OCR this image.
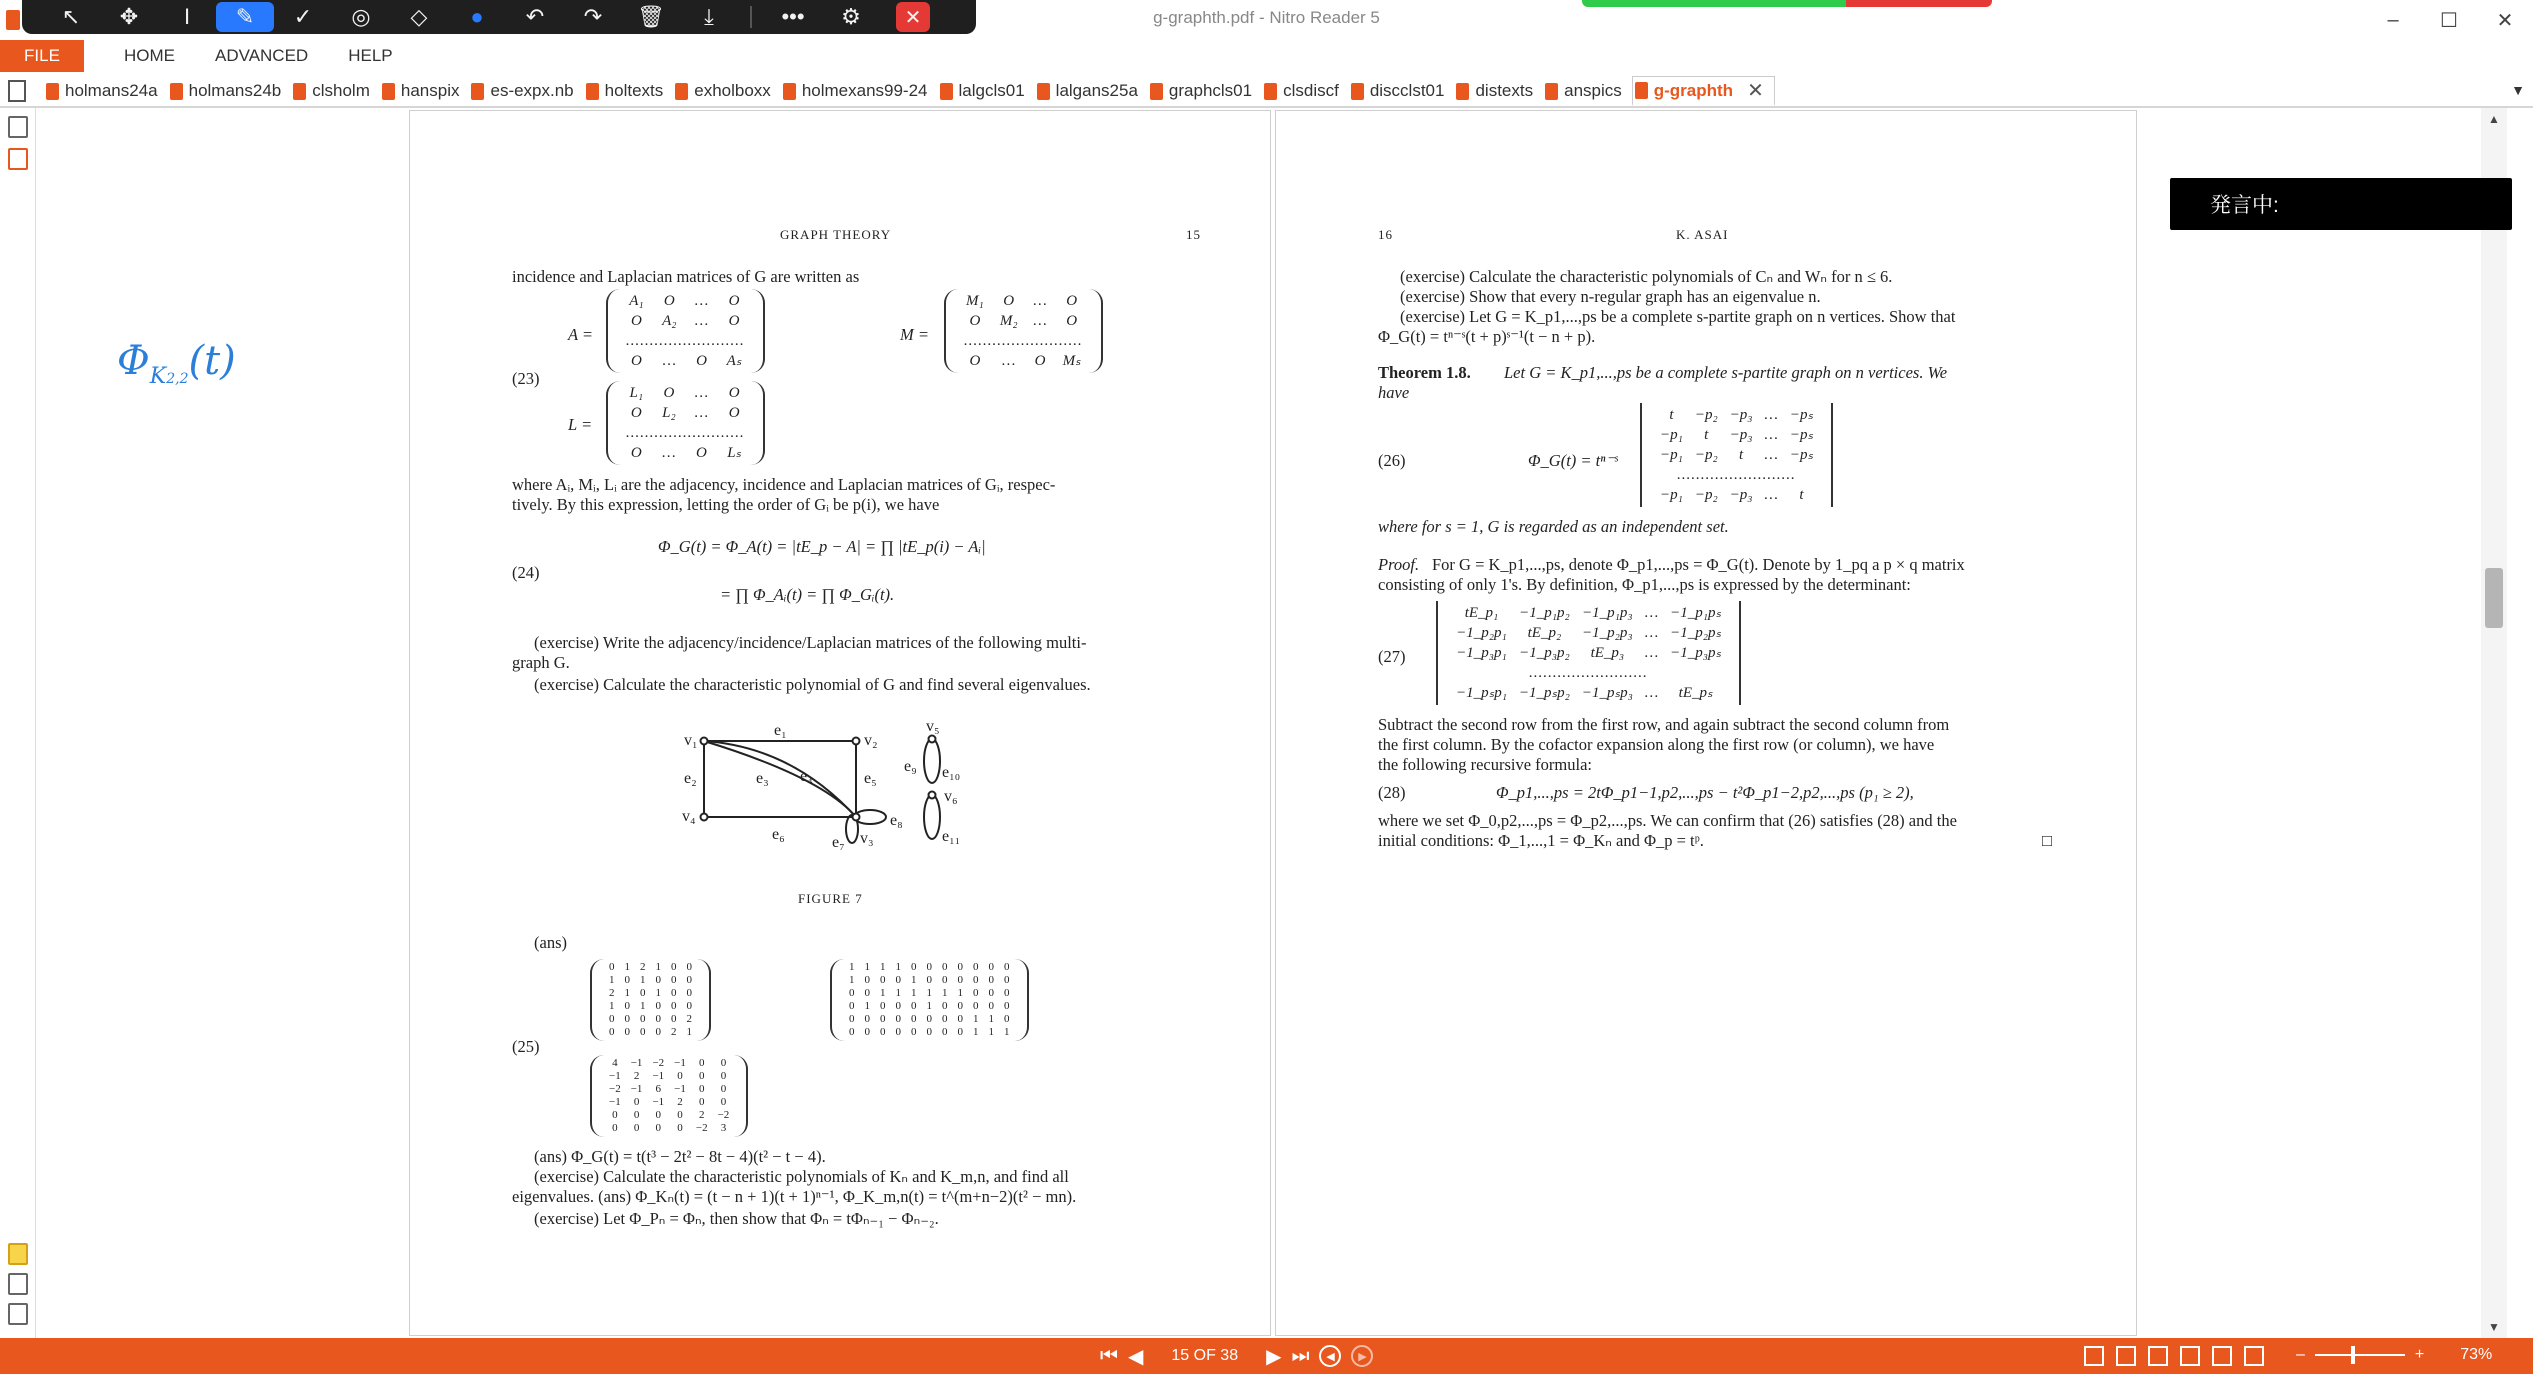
g-graphth.pdf - Nitro Reader 5	–	☐	✕
↖	✥	I	✎	✓	◎	◇	●	↶	↷	🗑	⤓	•••	⚙	✕
FILE	HOME ADVANCED HELP
holmans24a holmans24b clsholm hanspix es-expx.nb holtexts exholboxx holmexans99-24 lalgcls01 lalgans25a graphcls01 clsdiscf discclst01 distexts anspics g-graphth ✕	▼
GRAPH THEORY	15
incidence and Laplacian matrices of G are written as
(23)
A =
A₁	O	…	O
O	A₂	…	O
.........................			
O	…	O	Aₛ
M =
M₁	O	…	O
O	M₂	…	O
.........................			
O	…	O	Mₛ
L =
L₁	O	…	O
O	L₂	…	O
.........................			
O	…	O	Lₛ
where Aᵢ, Mᵢ, Lᵢ are the adjacency, incidence and Laplacian matrices of Gᵢ, respec-
tively. By this expression, letting the order of Gᵢ be p(i), we have
(24)
Φ_G(t) = Φ_A(t) = |tE_p − A| = ∏ |tE_p(i) − Aᵢ|
= ∏ Φ_Aᵢ(t) = ∏ Φ_Gᵢ(t).
(exercise) Write the adjacency/incidence/Laplacian matrices of the following multi-
graph G.
(exercise) Calculate the characteristic polynomial of G and find several eigenvalues.
v₁	v₂
v₃
v₄
v₅
v₆
e₁
e₂	e₃ e₄	e₅
e₆	e₇
e₈
e₉ e₁₀
e₁₁
FIGURE 7
(ans)
(25)
0	1	2	1	0	0
1	0	1	0	0	0
2	1	0	1	0	0
1	0	1	0	0	0
0	0	0	0	0	2
0	0	0	0	2	1
1	1	1	1	0	0	0	0	0	0	0
1	0	0	0	1	0	0	0	0	0	0
0	0	1	1	1	1	1	1	0	0	0
0	1	0	0	0	1	0	0	0	0	0
0	0	0	0	0	0	0	0	1	1	0
0	0	0	0	0	0	0	0	1	1	1
4	−1	−2	−1	0	0
−1	2	−1	0	0	0
−2	−1	6	−1	0	0
−1	0	−1	2	0	0
0	0	0	0	2	−2
0	0	0	0	−2	3
(ans) Φ_G(t) = t(t³ − 2t² − 8t − 4)(t² − t − 4).
(exercise) Calculate the characteristic polynomials of Kₙ and K_m,n, and find all
eigenvalues. (ans) Φ_Kₙ(t) = (t − n + 1)(t + 1)ⁿ⁻¹, Φ_K_m,n(t) = t^(m+n−2)(t² − mn).
(exercise) Let Φ_Pₙ = Φₙ, then show that Φₙ = tΦₙ₋₁ − Φₙ₋₂.
16	K. ASAI
(exercise) Calculate the characteristic polynomials of Cₙ and Wₙ for n ≤ 6.
(exercise) Show that every n-regular graph has an eigenvalue n.
(exercise) Let G = K_p1,...,ps be a complete s-partite graph on n vertices. Show that
Φ_G(t) = tⁿ⁻ˢ(t + p)ˢ⁻¹(t − n + p).
Theorem 1.8. Let G = K_p1,...,ps be a complete s-partite graph on n vertices. We
have
(26)	Φ_G(t) = tⁿ⁻ˢ
t	−p₂	−p₃	…	−pₛ
−p₁	t	−p₃	…	−pₛ
−p₁	−p₂	t	…	−pₛ
.........................				
−p₁	−p₂	−p₃	…	t
where for s = 1, G is regarded as an independent set.
Proof. For G = K_p1,...,ps, denote Φ_p1,...,ps = Φ_G(t). Denote by 1_pq a p × q matrix
consisting of only 1's. By definition, Φ_p1,...,ps is expressed by the determinant:
(27)
tE_p₁	−1_p₁p₂	−1_p₁p₃	…	−1_p₁pₛ
−1_p₂p₁	tE_p₂	−1_p₂p₃	…	−1_p₂pₛ
−1_p₃p₁	−1_p₃p₂	tE_p₃	…	−1_p₃pₛ
.........................				
−1_pₛp₁	−1_pₛp₂	−1_pₛp₃	…	tE_pₛ
Subtract the second row from the first row, and again subtract the second column from
the first column. By the cofactor expansion along the first row (or column), we have
the following recursive formula:
(28)	Φ_p1,...,ps = 2tΦ_p1−1,p2,...,ps − t²Φ_p1−2,p2,...,ps (p₁ ≥ 2),
where we set Φ_0,p2,...,ps = Φ_p2,...,ps. We can confirm that (26) satisfies (28) and the
initial conditions: Φ_1,...,1 = Φ_Kₙ and Φ_p = tᵖ.	□
$\Phi_{K2,2}(t)$
▲
▼
発言中:
⏮ ◀ 15 OF 38 ▶ ⏭	◀	▶	–	+ 73%
